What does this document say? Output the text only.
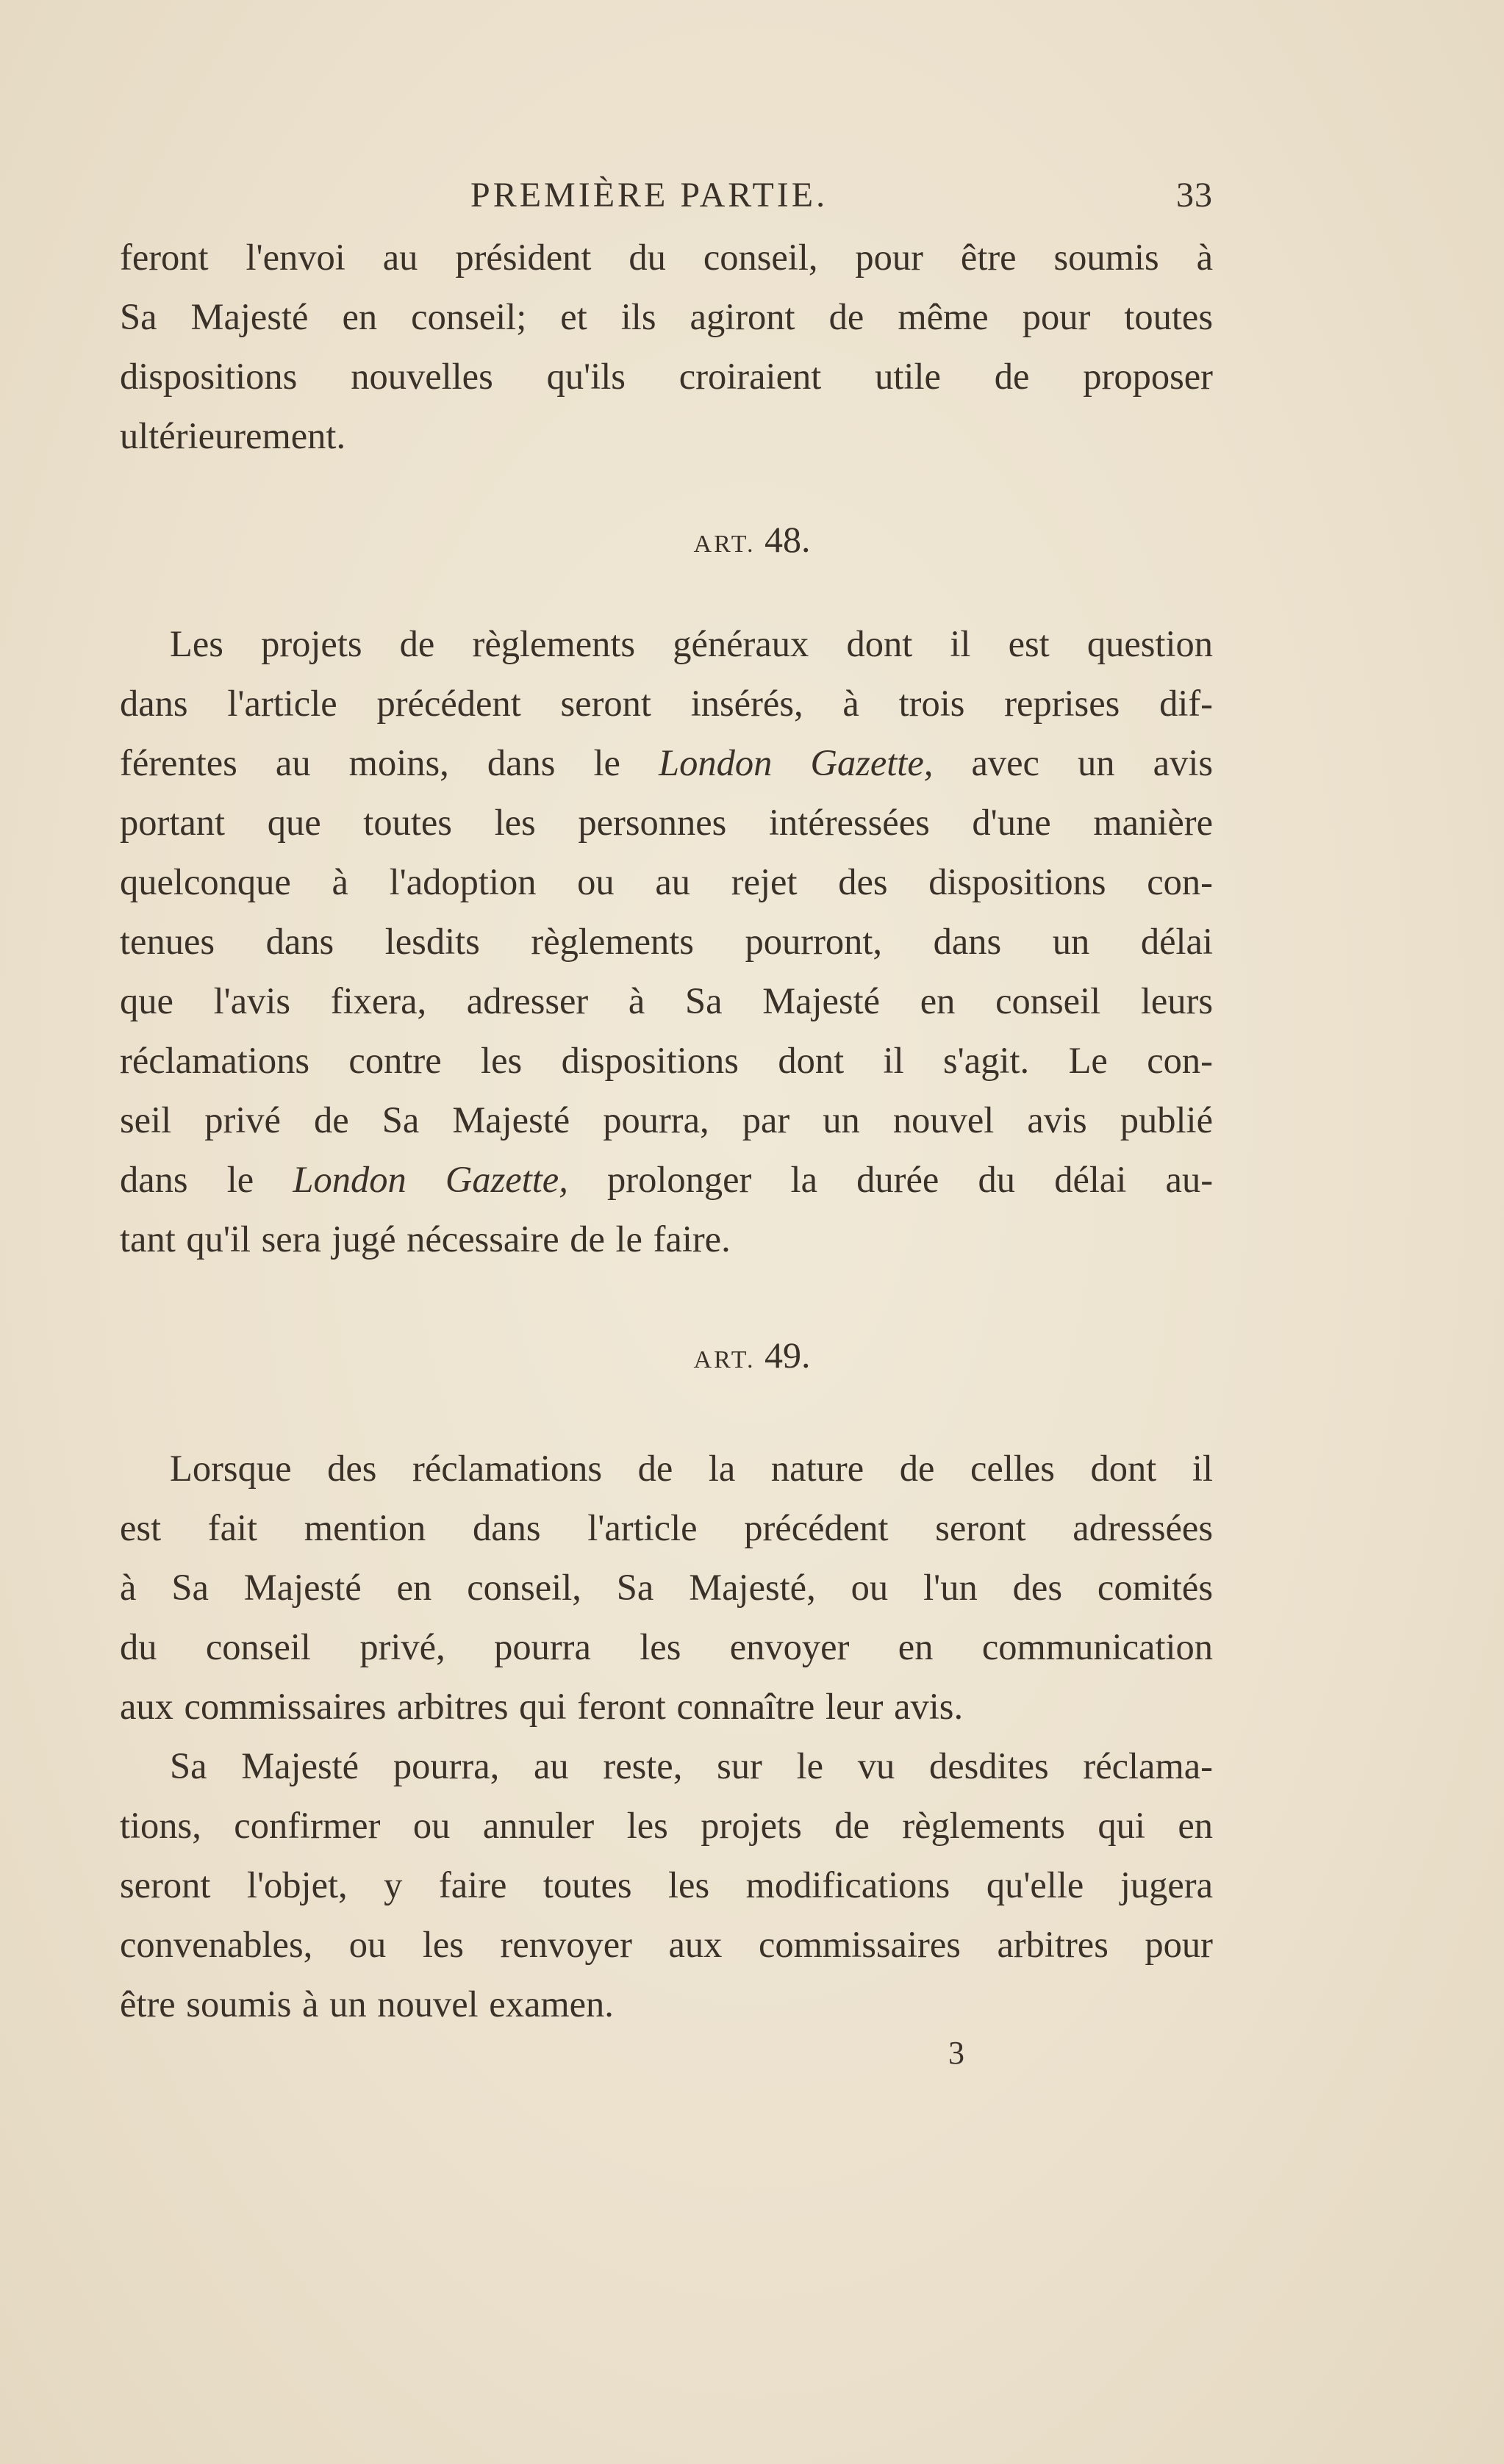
PREMIÈRE PARTIE.	33
feront l'envoi au président du conseil, pour être soumis à
Sa Majesté en conseil; et ils agiront de même pour toutes
dispositions nouvelles qu'ils croiraient utile de proposer
ultérieurement.
ART. 48.
Les projets de règlements généraux dont il est question
dans l'article précédent seront insérés, à trois reprises dif-
férentes au moins, dans le London Gazette, avec un avis
portant que toutes les personnes intéressées d'une manière
quelconque à l'adoption ou au rejet des dispositions con-
tenues dans lesdits règlements pourront, dans un délai
que l'avis fixera, adresser à Sa Majesté en conseil leurs
réclamations contre les dispositions dont il s'agit. Le con-
seil privé de Sa Majesté pourra, par un nouvel avis publié
dans le London Gazette, prolonger la durée du délai au-
tant qu'il sera jugé nécessaire de le faire.
ART. 49.
Lorsque des réclamations de la nature de celles dont il
est fait mention dans l'article précédent seront adressées
à Sa Majesté en conseil, Sa Majesté, ou l'un des comités
du conseil privé, pourra les envoyer en communication
aux commissaires arbitres qui feront connaître leur avis.
Sa Majesté pourra, au reste, sur le vu desdites réclama-
tions, confirmer ou annuler les projets de règlements qui en
seront l'objet, y faire toutes les modifications qu'elle jugera
convenables, ou les renvoyer aux commissaires arbitres pour
être soumis à un nouvel examen.
3
